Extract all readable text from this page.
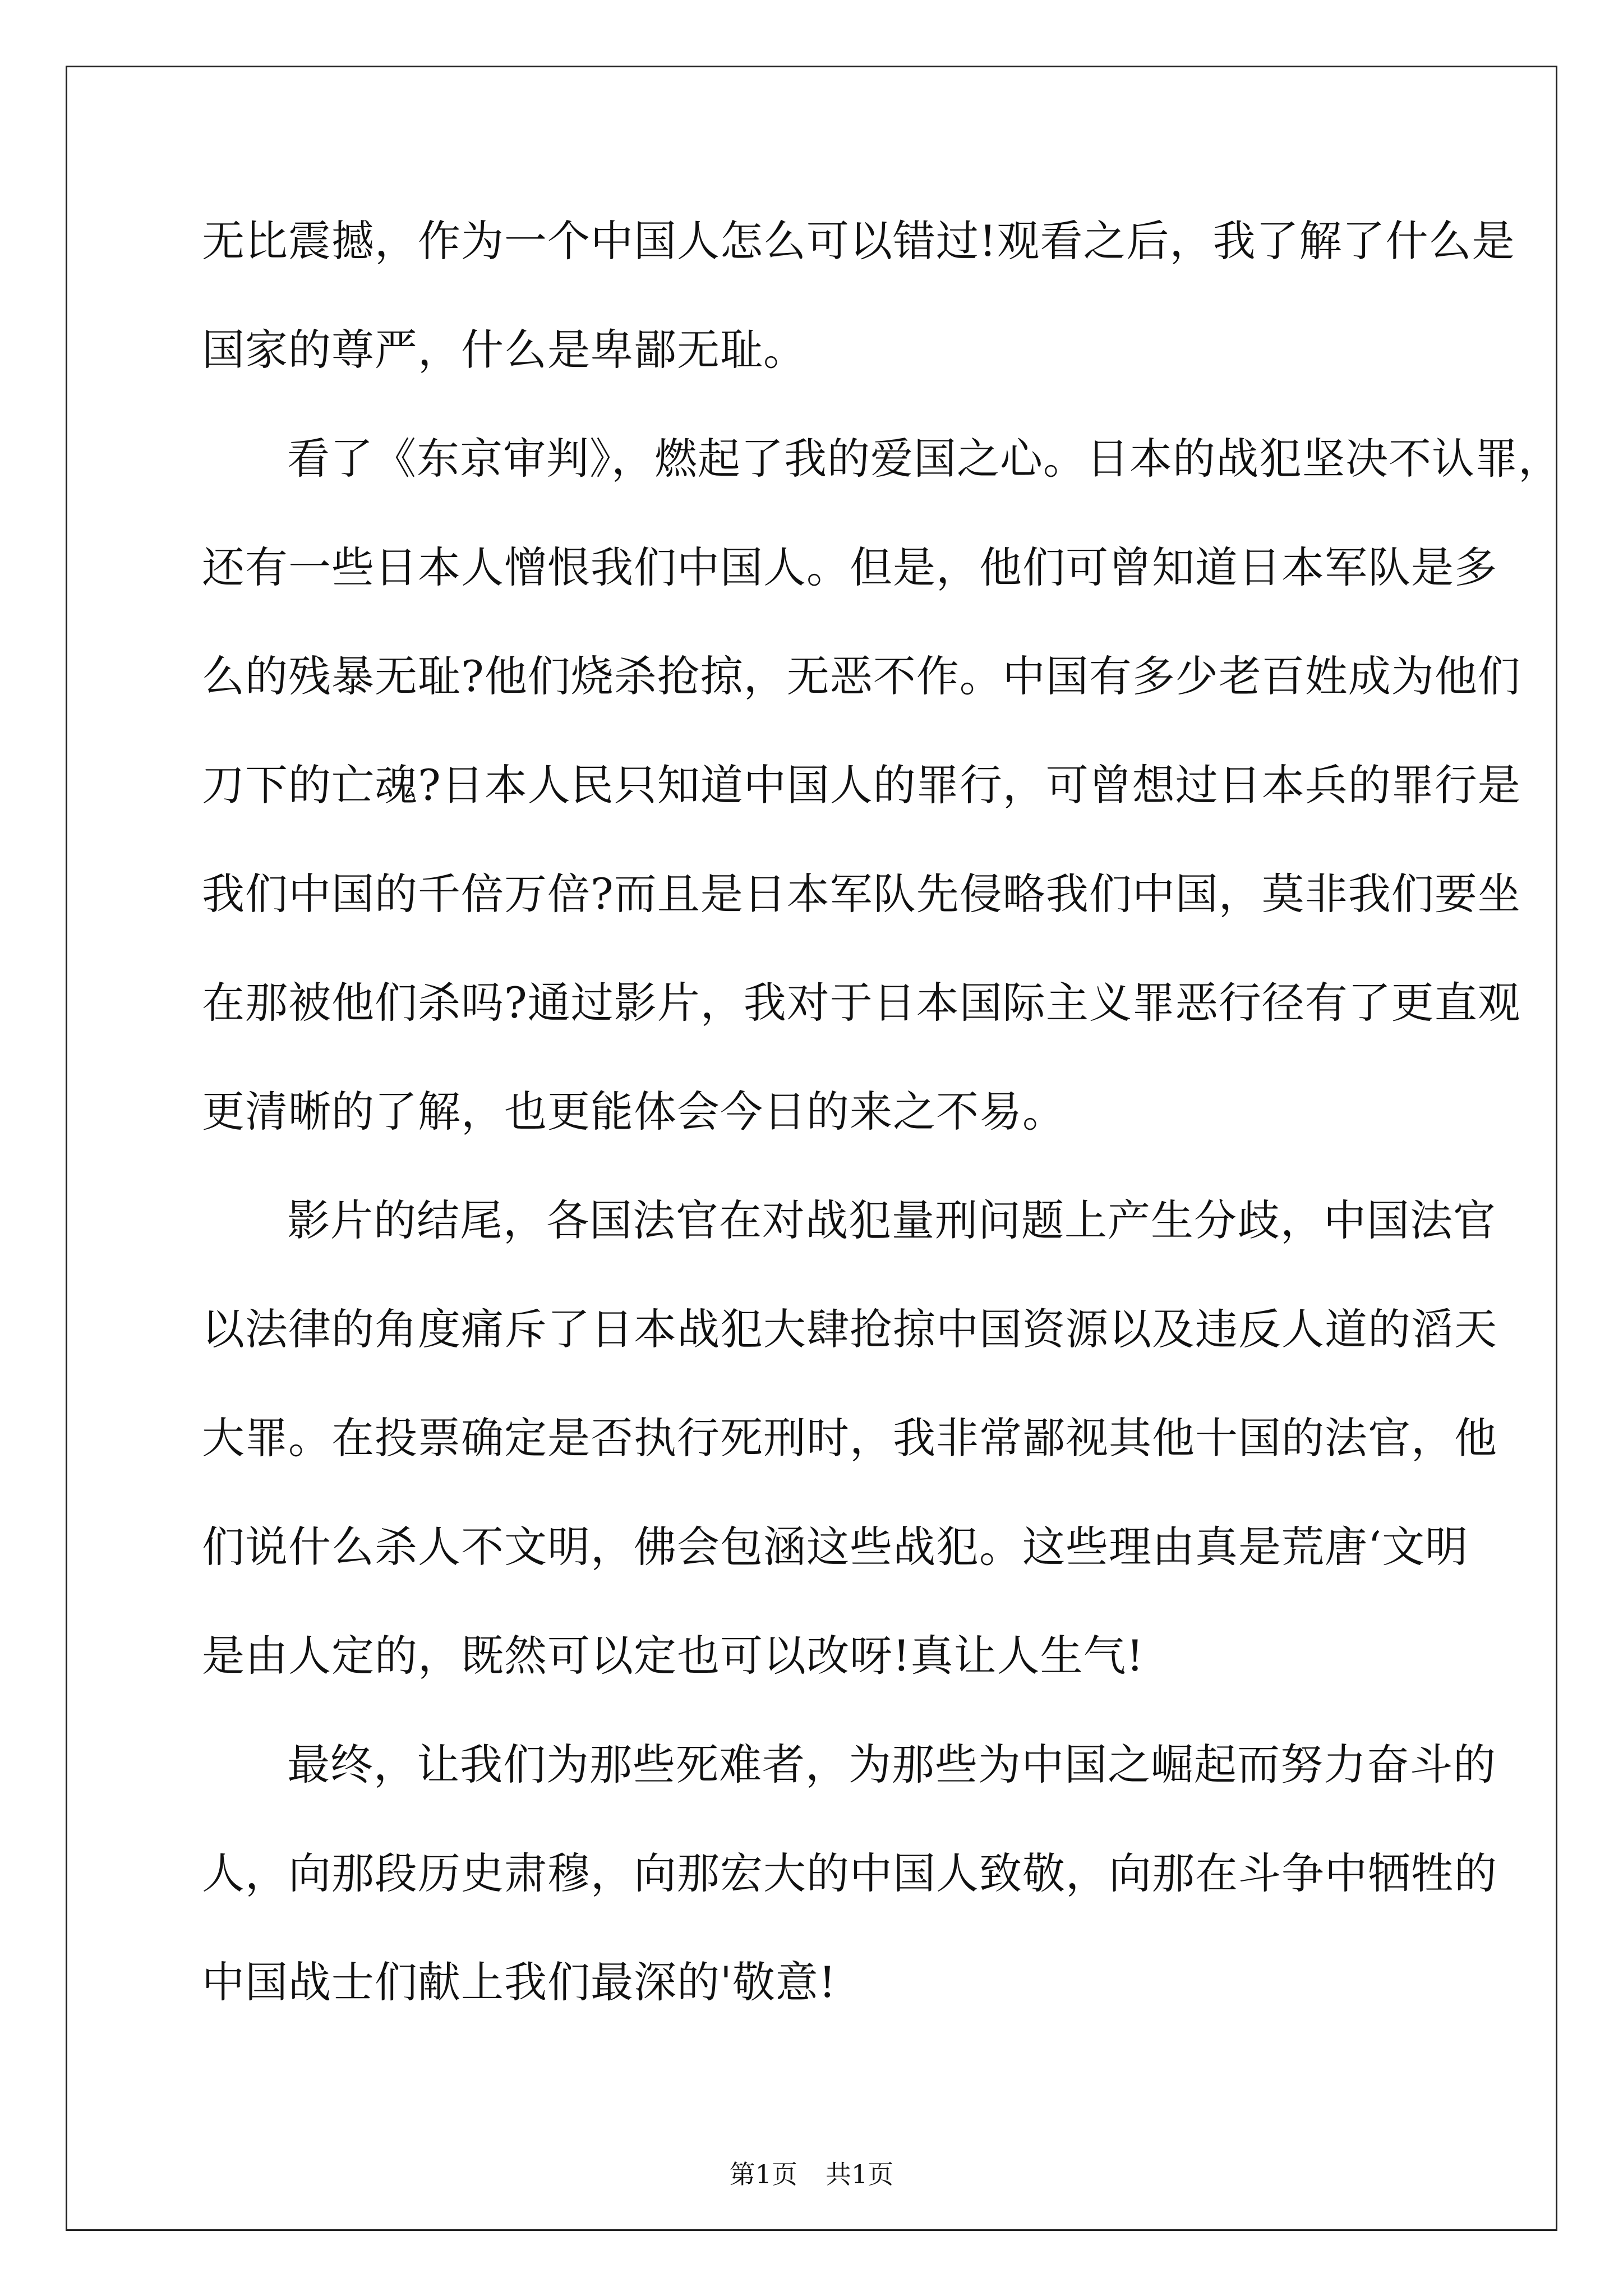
无比震撼，作为一个中国人怎么可以错过!观看之后，我了解了什么是
国家的尊严，什么是卑鄙无耻。
看了《东京审判》，燃起了我的爱国之心。日本的战犯坚决不认罪，
还有一些日本人憎恨我们中国人。但是，他们可曾知道日本军队是多
么的残暴无耻?他们烧杀抢掠，无恶不作。中国有多少老百姓成为他们
刀下的亡魂?日本人民只知道中国人的罪行，可曾想过日本兵的罪行是
我们中国的千倍万倍?而且是日本军队先侵略我们中国，莫非我们要坐
在那被他们杀吗?通过影片，我对于日本国际主义罪恶行径有了更直观
更清晰的了解，也更能体会今日的来之不易。
影片的结尾，各国法官在对战犯量刑问题上产生分歧，中国法官
以法律的角度痛斥了日本战犯大肆抢掠中国资源以及违反人道的滔天
大罪。在投票确定是否执行死刑时，我非常鄙视其他十国的法官，他
们说什么杀人不文明，佛会包涵这些战犯。这些理由真是荒唐‘文明
是由人定的，既然可以定也可以改呀!真让人生气!
最终，让我们为那些死难者，为那些为中国之崛起而努力奋斗的
人，向那段历史肃穆，向那宏大的中国人致敬，向那在斗争中牺牲的
中国战士们献上我们最深的'敬意!
第1页 共1页
